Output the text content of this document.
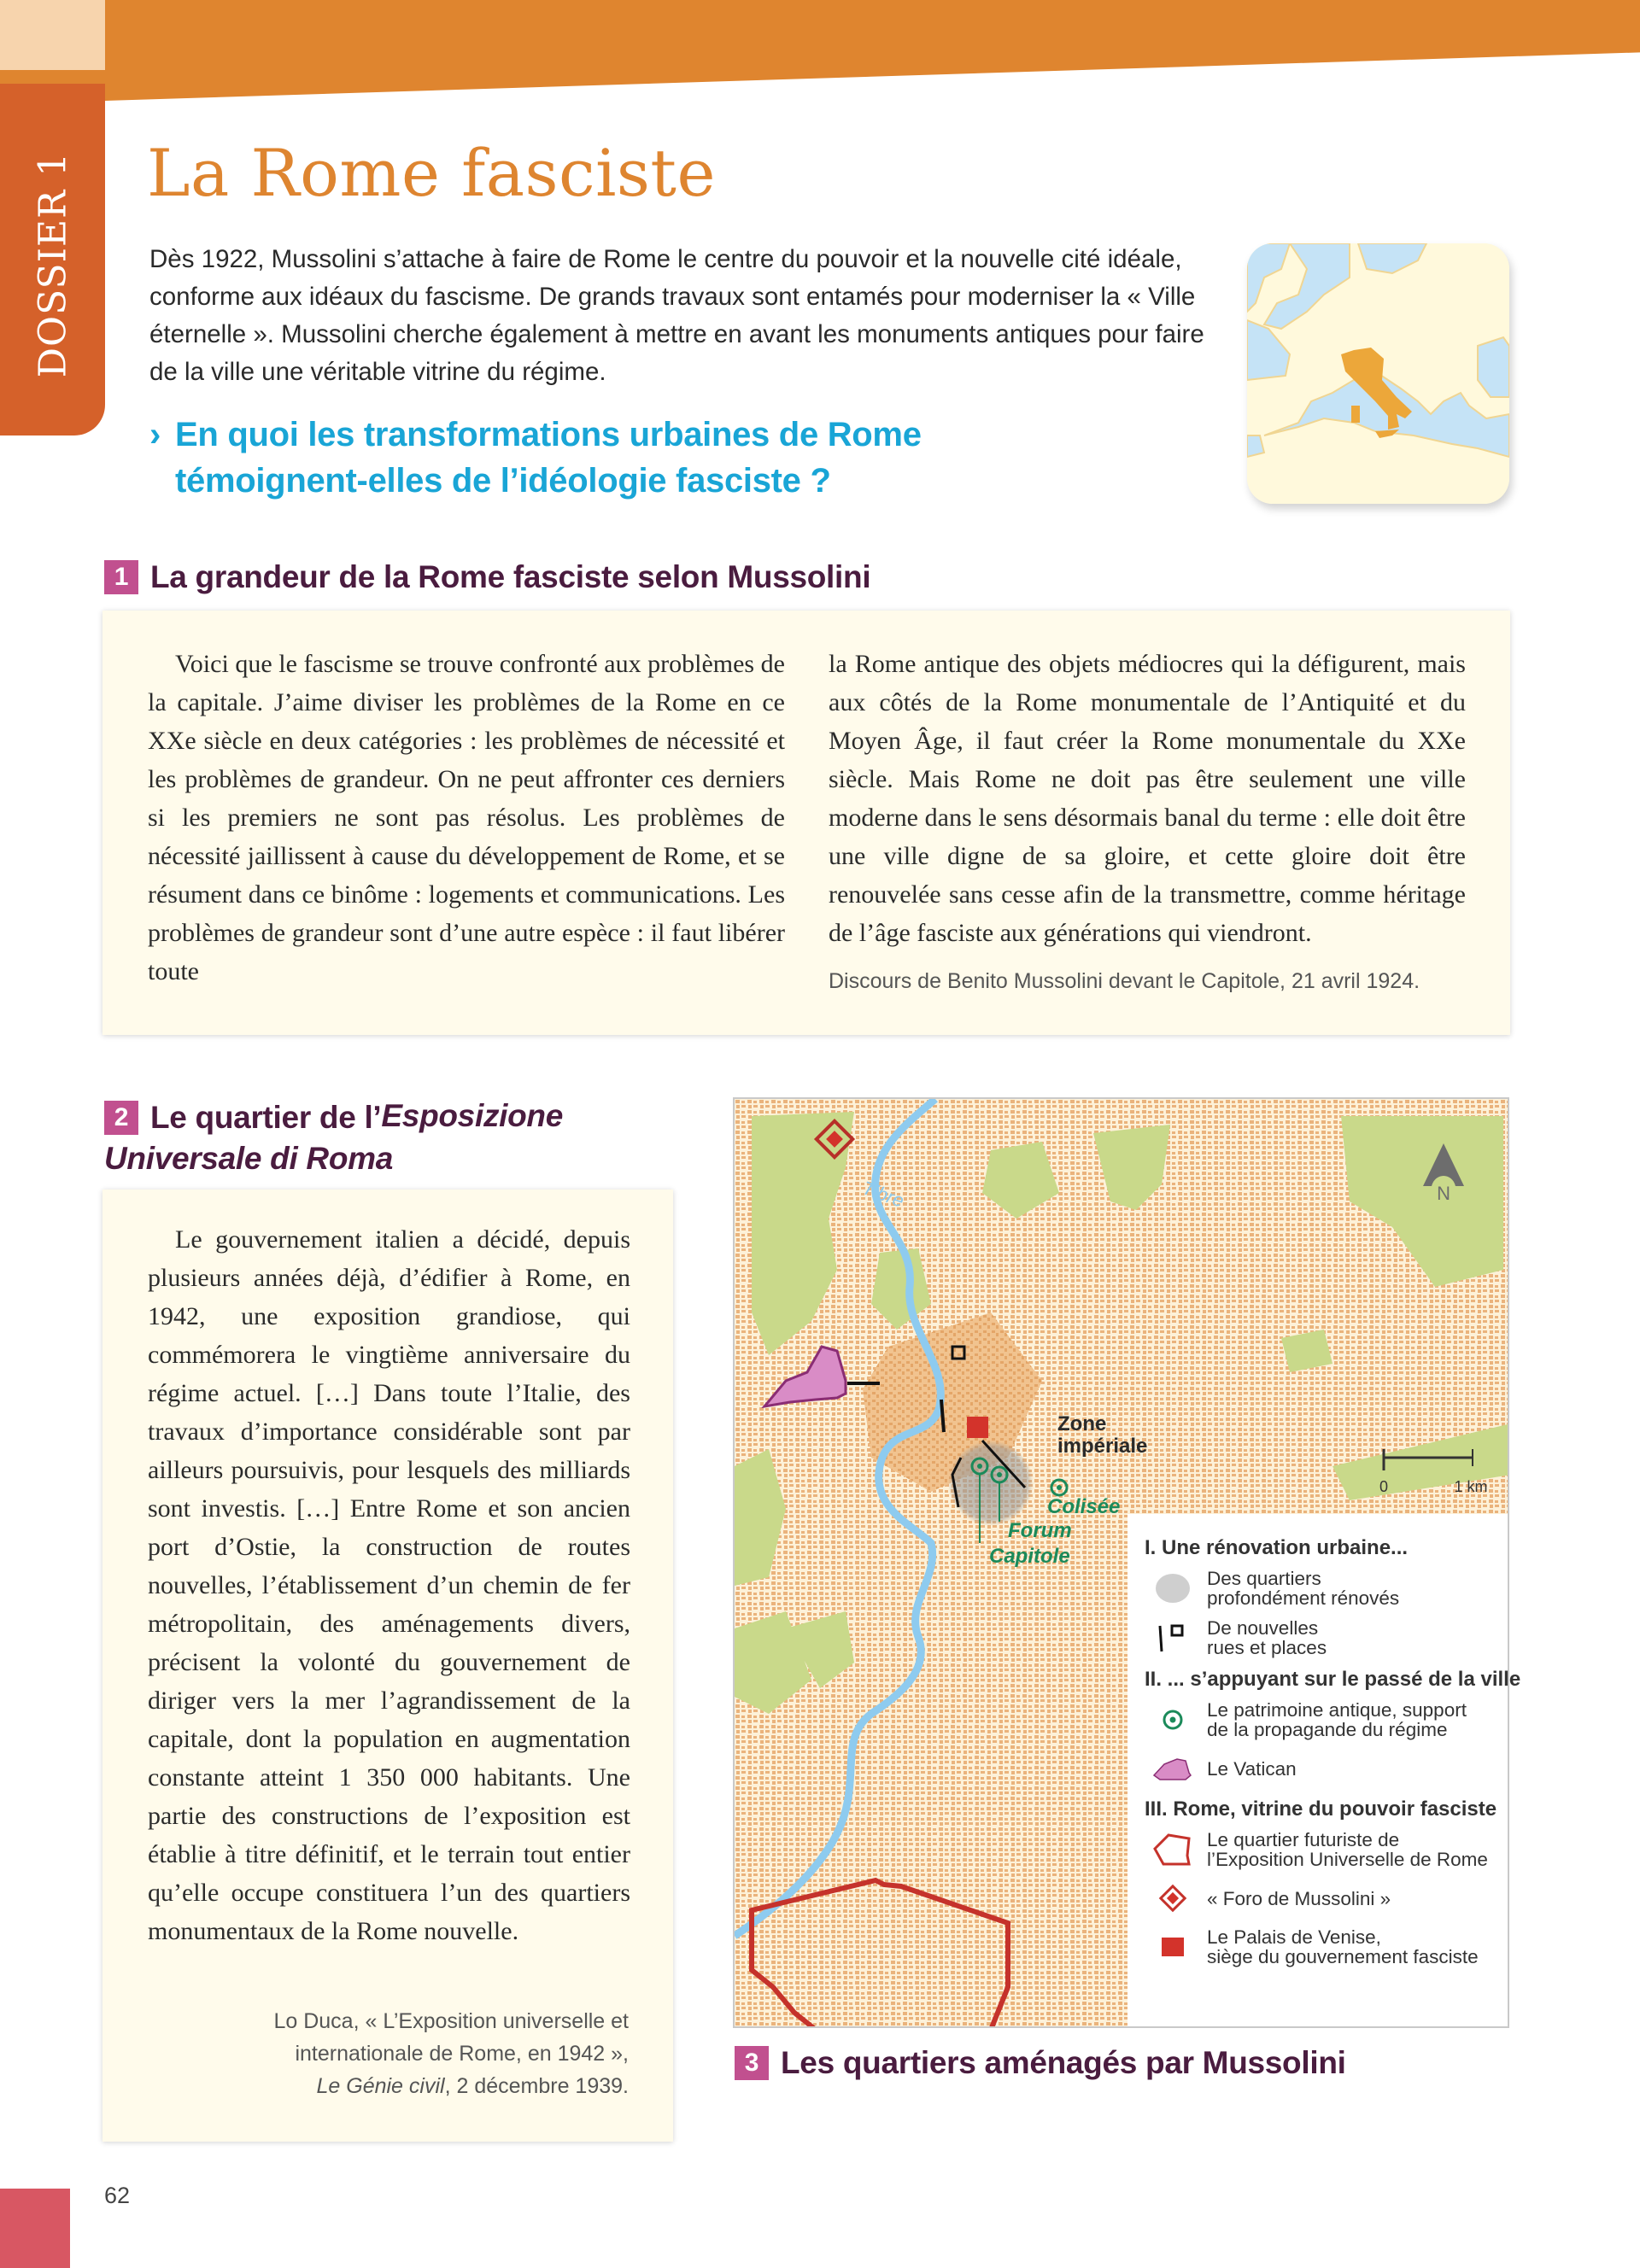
DOSSIER 1 La Rome fasciste

Dès 1922, Mussolini s’attache à faire de Rome le centre du pouvoir et la nouvelle cité idéale, conforme aux idéaux du fascisme. De grands travaux sont entamés pour moderniser la « Ville éternelle ». Mussolini cherche également à mettre en avant les monuments antiques pour faire de la ville une véritable vitrine du régime.

› En quoi les transformations urbaines de Rome témoignent-elles de l’idéologie fasciste ?
1 La grandeur de la Rome fasciste selon Mussolini

Voici que le fascisme se trouve confronté aux problèmes de la capitale. J’aime diviser les problèmes de la Rome en ce XXe siècle en deux catégories : les problèmes de nécessité et les problèmes de grandeur. On ne peut affronter ces derniers si les premiers ne sont pas résolus. Les problèmes de nécessité jaillissent à cause du développement de Rome, et se résument dans ce binôme : logements et communications. Les problèmes de grandeur sont d’une autre espèce : il faut libérer toute

la Rome antique des objets médiocres qui la défigurent, mais aux côtés de la Rome monumentale de l’Antiquité et du Moyen Âge, il faut créer la Rome monumentale du XXe siècle. Mais Rome ne doit pas être seulement une ville moderne dans le sens désormais banal du terme : elle doit être une ville digne de sa gloire, et cette gloire doit être renouvelée sans cesse afin de la transmettre, comme héritage de l’âge fasciste aux générations qui viendront.

Discours de Benito Mussolini devant le Capitole, 21 avril 1924.

2 Le quartier de l’Esposizione
Universale di Roma

Le gouvernement italien a décidé, depuis plusieurs années déjà, d’édifier à Rome, en 1942, une exposition grandiose, qui commémorera le vingtième anniversaire du régime actuel. […] Dans toute l’Italie, des travaux d’importance considérable sont par ailleurs poursuivis, pour lesquels des milliards sont investis. […] Entre Rome et son ancien port d’Ostie, la construction de routes nouvelles, l’établissement d’un chemin de fer métropolitain, des aménagements divers, précisent la volonté du gouvernement de diriger vers la mer l’agrandissement de la capitale, dont la population en augmentation constante atteint 1 350 000 habitants. Une partie des constructions de l’exposition est établie à titre définitif, et le terrain tout entier qu’elle occupe constituera l’un des quartiers monumentaux de la Rome nouvelle.

Lo Duca, « L’Exposition universelle et
internationale de Rome, en 1942 »,
Le Génie civil, 2 décembre 1939.
Tibre	N
0	1 km
Zone
impériale
Colisée
Forum
Capitole	I. Une rénovation urbaine...
Des quartiers
profondément rénovés
De nouvelles
rues et places
II. ... s’appuyant sur le passé de la ville
Le patrimoine antique, support
de la propagande du régime
Le Vatican
III. Rome, vitrine du pouvoir fasciste
Le quartier futuriste de
l’Exposition Universelle de Rome
« Foro de Mussolini »
Le Palais de Venise,
siège du gouvernement fasciste
3 Les quartiers aménagés par Mussolini
62
